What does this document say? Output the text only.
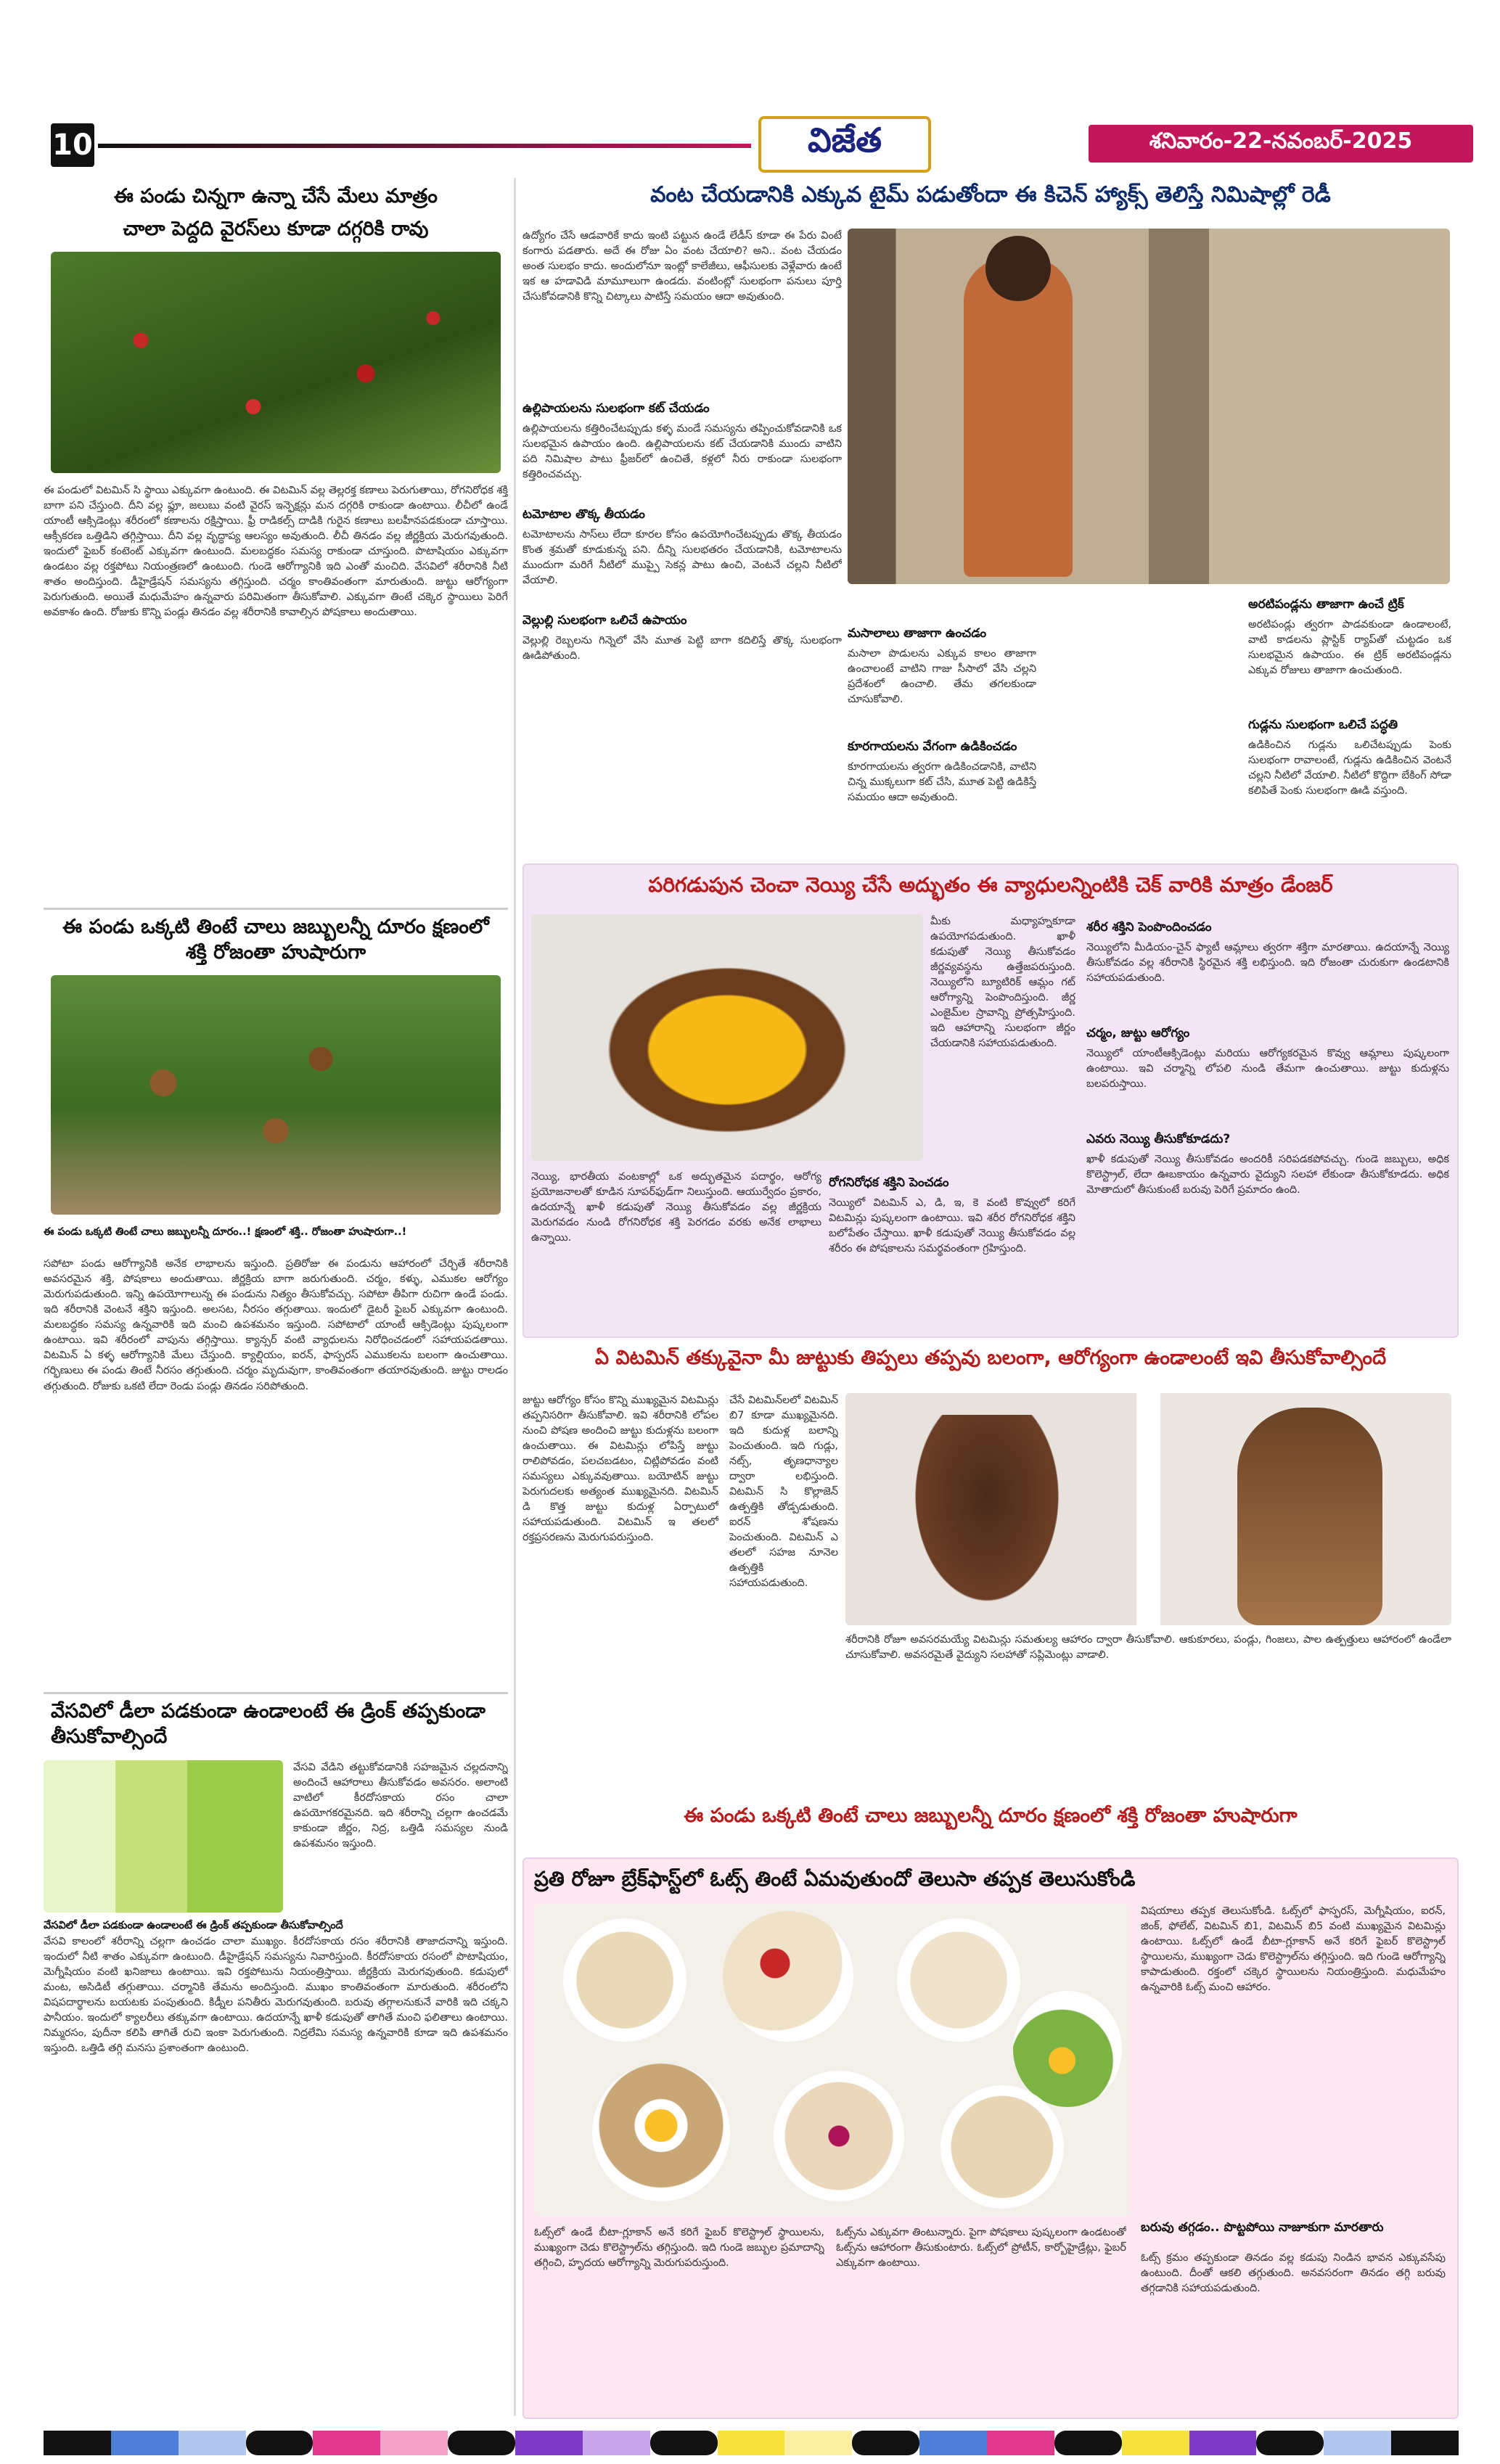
10	విజేత	శనివారం-22-నవంబర్-2025
ఈ పండు చిన్నగా ఉన్నా చేసే మేలు మాత్రం
చాలా పెద్దది వైరస్‌లు కూడా దగ్గరికి రావు
ఈ పండులో విటమిన్ సి స్థాయి ఎక్కువగా ఉంటుంది. ఈ విటమిన్ వల్ల తెల్లరక్త కణాలు పెరుగుతాయి, రోగనిరోధక శక్తి బాగా పని చేస్తుంది. దీని వల్ల ఫ్లూ, జలుబు వంటి వైరస్ ఇన్ఫెక్షన్లు మన దగ్గరికి రాకుండా ఉంటాయి. లీచీలో ఉండే యాంటీ ఆక్సిడెంట్లు శరీరంలో కణాలను రక్షిస్తాయి. ఫ్రీ రాడికల్స్ దాడికి గురైన కణాలు బలహీనపడకుండా చూస్తాయి. ఆక్సీకరణ ఒత్తిడిని తగ్గిస్తాయి. దీని వల్ల వృద్ధాప్య ఆలస్యం అవుతుంది. లీచీ తినడం వల్ల జీర్ణక్రియ మెరుగవుతుంది. ఇందులో ఫైబర్ కంటెంట్ ఎక్కువగా ఉంటుంది. మలబద్ధకం సమస్య రాకుండా చూస్తుంది. పొటాషియం ఎక్కువగా ఉండటం వల్ల రక్తపోటు నియంత్రణలో ఉంటుంది. గుండె ఆరోగ్యానికి ఇది ఎంతో మంచిది. వేసవిలో శరీరానికి నీటి శాతం అందిస్తుంది. డీహైడ్రేషన్ సమస్యను తగ్గిస్తుంది. చర్మం కాంతివంతంగా మారుతుంది. జుట్టు ఆరోగ్యంగా పెరుగుతుంది. అయితే మధుమేహం ఉన్నవారు పరిమితంగా తీసుకోవాలి. ఎక్కువగా తింటే చక్కెర స్థాయిలు పెరిగే అవకాశం ఉంది. రోజుకు కొన్ని పండ్లు తినడం వల్ల శరీరానికి కావాల్సిన పోషకాలు అందుతాయి.
ఈ పండు ఒక్కటి తింటే చాలు జబ్బులన్నీ దూరం క్షణంలో శక్తి రోజంతా హుషారుగా
ఈ పండు ఒక్కటి తింటే చాలు జబ్బులన్నీ దూరం..! క్షణంలో శక్తి.. రోజంతా హుషారుగా..!
సపోటా పండు ఆరోగ్యానికి అనేక లాభాలను ఇస్తుంది. ప్రతిరోజు ఈ పండును ఆహారంలో చేర్చితే శరీరానికి అవసరమైన శక్తి, పోషకాలు అందుతాయి. జీర్ణక్రియ బాగా జరుగుతుంది. చర్మం, కళ్ళు, ఎముకల ఆరోగ్యం మెరుగుపడుతుంది. ఇన్ని ఉపయోగాలున్న ఈ పండును నిత్యం తీసుకోవచ్చు. సపోటా తీపిగా రుచిగా ఉండే పండు. ఇది శరీరానికి వెంటనే శక్తిని ఇస్తుంది. అలసట, నీరసం తగ్గుతాయి. ఇందులో డైటరీ ఫైబర్ ఎక్కువగా ఉంటుంది. మలబద్ధకం సమస్య ఉన్నవారికి ఇది మంచి ఉపశమనం ఇస్తుంది. సపోటాలో యాంటీ ఆక్సిడెంట్లు పుష్కలంగా ఉంటాయి. ఇవి శరీరంలో వాపును తగ్గిస్తాయి. క్యాన్సర్ వంటి వ్యాధులను నిరోధించడంలో సహాయపడతాయి. విటమిన్ ఏ కళ్ళ ఆరోగ్యానికి మేలు చేస్తుంది. క్యాల్షియం, ఐరన్, ఫాస్పరస్ ఎముకలను బలంగా ఉంచుతాయి. గర్భిణులు ఈ పండు తింటే నీరసం తగ్గుతుంది. చర్మం మృదువుగా, కాంతివంతంగా తయారవుతుంది. జుట్టు రాలడం తగ్గుతుంది. రోజుకు ఒకటి లేదా రెండు పండ్లు తినడం సరిపోతుంది.
వేసవిలో డీలా పడకుండా ఉండాలంటే ఈ డ్రింక్ తప్పకుండా తీసుకోవాల్సిందే
వేసవి వేడిని తట్టుకోవడానికి సహజమైన చల్లదనాన్ని అందించే ఆహారాలు తీసుకోవడం అవసరం. అలాంటి వాటిలో కీరదోసకాయ రసం చాలా ఉపయోగకరమైనది. ఇది శరీరాన్ని చల్లగా ఉంచడమే కాకుండా జీర్ణం, నిద్ర, ఒత్తిడి సమస్యల నుండి ఉపశమనం ఇస్తుంది.
వేసవిలో డీలా పడకుండా ఉండాలంటే ఈ డ్రింక్ తప్పకుండా తీసుకోవాల్సిందే
వేసవి కాలంలో శరీరాన్ని చల్లగా ఉంచడం చాలా ముఖ్యం. కీరదోసకాయ రసం శరీరానికి తాజాదనాన్ని ఇస్తుంది. ఇందులో నీటి శాతం ఎక్కువగా ఉంటుంది. డీహైడ్రేషన్ సమస్యను నివారిస్తుంది. కీరదోసకాయ రసంలో పొటాషియం, మెగ్నీషియం వంటి ఖనిజాలు ఉంటాయి. ఇవి రక్తపోటును నియంత్రిస్తాయి. జీర్ణక్రియ మెరుగవుతుంది. కడుపులో మంట, అసిడిటీ తగ్గుతాయి. చర్మానికి తేమను అందిస్తుంది. ముఖం కాంతివంతంగా మారుతుంది. శరీరంలోని విషపదార్థాలను బయటకు పంపుతుంది. కిడ్నీల పనితీరు మెరుగవుతుంది. బరువు తగ్గాలనుకునే వారికి ఇది చక్కని పానీయం. ఇందులో క్యాలరీలు తక్కువగా ఉంటాయి. ఉదయాన్నే ఖాళీ కడుపుతో తాగితే మంచి ఫలితాలు ఉంటాయి. నిమ్మరసం, పుదీనా కలిపి తాగితే రుచి ఇంకా పెరుగుతుంది. నిద్రలేమి సమస్య ఉన్నవారికి కూడా ఇది ఉపశమనం ఇస్తుంది. ఒత్తిడి తగ్గి మనసు ప్రశాంతంగా ఉంటుంది.
వంట చేయడానికి ఎక్కువ టైమ్ పడుతోందా ఈ కిచెన్ హ్యాక్స్ తెలిస్తే నిమిషాల్లో రెడీ
ఉద్యోగం చేసే ఆడవారికే కాదు ఇంటి పట్టున ఉండే లేడీస్ కూడా ఈ పేరు వింటే కంగారు పడతారు. అదే ఈ రోజు ఏం వంట చేయాలి? అని.. వంట చేయడం అంత సులభం కాదు. అందులోనూ ఇంట్లో కాలేజీలు, ఆఫీసులకు వెళ్లేవారు ఉంటే ఇక ఆ హడావిడి మామూలుగా ఉండదు. వంటింట్లో సులభంగా పనులు పూర్తి చేసుకోవడానికి కొన్ని చిట్కాలు పాటిస్తే సమయం ఆదా అవుతుంది.
ఉల్లిపాయలను సులభంగా కట్ చేయడం
ఉల్లిపాయలను కత్తిరించేటప్పుడు కళ్ళ మండే సమస్యను తప్పించుకోవడానికి ఒక సులభమైన ఉపాయం ఉంది. ఉల్లిపాయలను కట్ చేయడానికి ముందు వాటిని పది నిమిషాల పాటు ఫ్రీజర్‌లో ఉంచితే, కళ్లలో నీరు రాకుండా సులభంగా కత్తిరించవచ్చు.
టమోటాల తొక్క తీయడం
టమోటాలను సాస్‌లు లేదా కూరల కోసం ఉపయోగించేటప్పుడు తొక్క తీయడం కొంత శ్రమతో కూడుకున్న పని. దీన్ని సులభతరం చేయడానికి, టమోటాలను ముందుగా మరిగే నీటిలో ముప్పై సెకన్ల పాటు ఉంచి, వెంటనే చల్లని నీటిలో వేయాలి.
వెల్లుల్లి సులభంగా ఒలిచే ఉపాయం
వెల్లుల్లి రెబ్బలను గిన్నెలో వేసి మూత పెట్టి బాగా కదిలిస్తే తొక్క సులభంగా ఊడిపోతుంది.
మసాలాలు తాజాగా ఉంచడం
మసాలా పొడులను ఎక్కువ కాలం తాజాగా ఉంచాలంటే వాటిని గాజు సీసాలో వేసి చల్లని ప్రదేశంలో ఉంచాలి. తేమ తగలకుండా చూసుకోవాలి.
కూరగాయలను వేగంగా ఉడికించడం
కూరగాయలను త్వరగా ఉడికించడానికి, వాటిని చిన్న ముక్కలుగా కట్ చేసి, మూత పెట్టి ఉడికిస్తే సమయం ఆదా అవుతుంది.
అరటిపండ్లను తాజాగా ఉంచే ట్రిక్
అరటిపండ్లు త్వరగా పాడవకుండా ఉండాలంటే, వాటి కాడలను ప్లాస్టిక్ ర్యాప్‌తో చుట్టడం ఒక సులభమైన ఉపాయం. ఈ ట్రిక్ అరటిపండ్లను ఎక్కువ రోజులు తాజాగా ఉంచుతుంది.
గుడ్లను సులభంగా ఒలిచే పద్ధతి
ఉడికించిన గుడ్లను ఒలిచేటప్పుడు పెంకు సులభంగా రావాలంటే, గుడ్లను ఉడికించిన వెంటనే చల్లని నీటిలో వేయాలి. నీటిలో కొద్దిగా బేకింగ్ సోడా కలిపితే పెంకు సులభంగా ఊడి వస్తుంది.
పరిగడుపున చెంచా నెయ్యి చేసే అద్భుతం ఈ వ్యాధులన్నింటికి చెక్ వారికి మాత్రం డేంజర్
మీకు మధ్యాహ్నకూడా ఉపయోగపడుతుంది. ఖాళీ కడుపుతో నెయ్యి తీసుకోవడం జీర్ణవ్యవస్థను ఉత్తేజపరుస్తుంది. నెయ్యిలోని బ్యూటిరిక్ ఆమ్లం గట్ ఆరోగ్యాన్ని పెంపొందిస్తుంది. జీర్ణ ఎంజైమ్‌ల స్రావాన్ని ప్రోత్సహిస్తుంది. ఇది ఆహారాన్ని సులభంగా జీర్ణం చేయడానికి సహాయపడుతుంది.
నెయ్యి, భారతీయ వంటకాల్లో ఒక అద్భుతమైన పదార్థం, ఆరోగ్య ప్రయోజనాలతో కూడిన సూపర్‌ఫుడ్‌గా నిలుస్తుంది. ఆయుర్వేదం ప్రకారం, ఉదయాన్నే ఖాళీ కడుపుతో నెయ్యి తీసుకోవడం వల్ల జీర్ణక్రియ మెరుగవడం నుండి రోగనిరోధక శక్తి పెరగడం వరకు అనేక లాభాలు ఉన్నాయి.
రోగనిరోధక శక్తిని పెంచడం
నెయ్యిలో విటమిన్ ఎ, డి, ఇ, కె వంటి కొవ్వులో కరిగే విటమిన్లు పుష్కలంగా ఉంటాయి. ఇవి శరీర రోగనిరోధక శక్తిని బలోపేతం చేస్తాయి. ఖాళీ కడుపుతో నెయ్యి తీసుకోవడం వల్ల శరీరం ఈ పోషకాలను సమర్థవంతంగా గ్రహిస్తుంది.
శరీర శక్తిని పెంపొందించడం
నెయ్యిలోని మీడియం-చైన్ ఫ్యాటీ ఆమ్లాలు త్వరగా శక్తిగా మారతాయి. ఉదయాన్నే నెయ్యి తీసుకోవడం వల్ల శరీరానికి స్థిరమైన శక్తి లభిస్తుంది. ఇది రోజంతా చురుకుగా ఉండటానికి సహాయపడుతుంది.
చర్మం, జుట్టు ఆరోగ్యం
నెయ్యిలో యాంటీఆక్సిడెంట్లు మరియు ఆరోగ్యకరమైన కొవ్వు ఆమ్లాలు పుష్కలంగా ఉంటాయి. ఇవి చర్మాన్ని లోపలి నుండి తేమగా ఉంచుతాయి. జుట్టు కుదుళ్లను బలపరుస్తాయి.
ఎవరు నెయ్యి తీసుకోకూడదు?
ఖాళీ కడుపుతో నెయ్యి తీసుకోవడం అందరికీ సరిపడకపోవచ్చు. గుండె జబ్బులు, అధిక కొలెస్ట్రాల్, లేదా ఊబకాయం ఉన్నవారు వైద్యుని సలహా లేకుండా తీసుకోకూడదు. అధిక మోతాదులో తీసుకుంటే బరువు పెరిగే ప్రమాదం ఉంది.
ఏ విటమిన్ తక్కువైనా మీ జుట్టుకు తిప్పలు తప్పవు బలంగా, ఆరోగ్యంగా ఉండాలంటే ఇవి తీసుకోవాల్సిందే
జుట్టు ఆరోగ్యం కోసం కొన్ని ముఖ్యమైన విటమిన్లు తప్పనిసరిగా తీసుకోవాలి. ఇవి శరీరానికి లోపల నుంచి పోషణ అందించి జుట్టు కుదుళ్లను బలంగా ఉంచుతాయి. ఈ విటమిన్లు లోపిస్తే జుట్టు రాలిపోవడం, పలచబడటం, చిట్లిపోవడం వంటి సమస్యలు ఎక్కువవుతాయి. బయోటిన్ జుట్టు పెరుగుదలకు అత్యంత ముఖ్యమైనది. విటమిన్ డి కొత్త జుట్టు కుదుళ్ల ఏర్పాటులో సహాయపడుతుంది. విటమిన్ ఇ తలలో రక్తప్రసరణను మెరుగుపరుస్తుంది.
చేసే విటమిన్‌లలో విటమిన్ బి7 కూడా ముఖ్యమైనది. ఇది కుదుళ్ల బలాన్ని పెంచుతుంది. ఇది గుడ్లు, నట్స్, తృణధాన్యాల ద్వారా లభిస్తుంది. విటమిన్ సి కొల్లాజెన్ ఉత్పత్తికి తోడ్పడుతుంది. ఐరన్ శోషణను పెంచుతుంది. విటమిన్ ఎ తలలో సహజ నూనెల ఉత్పత్తికి సహాయపడుతుంది.
శరీరానికి రోజూ అవసరమయ్యే విటమిన్లు సమతుల్య ఆహారం ద్వారా తీసుకోవాలి. ఆకుకూరలు, పండ్లు, గింజలు, పాల ఉత్పత్తులు ఆహారంలో ఉండేలా చూసుకోవాలి. అవసరమైతే వైద్యుని సలహాతో సప్లిమెంట్లు వాడాలి.
ఈ పండు ఒక్కటి తింటే చాలు జబ్బులన్నీ దూరం క్షణంలో శక్తి రోజంతా హుషారుగా
ప్రతి రోజూ బ్రేక్‌ఫాస్ట్‌లో ఓట్స్ తింటే ఏమవుతుందో తెలుసా తప్పక తెలుసుకోండి
విషయాలు తప్పక తెలుసుకోండి. ఓట్స్‌లో ఫాస్ఫరస్, మెగ్నీషియం, ఐరన్, జింక్, ఫోలేట్, విటమిన్ బి1, విటమిన్ బి5 వంటి ముఖ్యమైన విటమిన్లు ఉంటాయి. ఓట్స్‌లో ఉండే బీటా-గ్లూకాన్ అనే కరిగే ఫైబర్ కొలెస్ట్రాల్ స్థాయిలను, ముఖ్యంగా చెడు కొలెస్ట్రాల్‌ను తగ్గిస్తుంది. ఇది గుండె ఆరోగ్యాన్ని కాపాడుతుంది. రక్తంలో చక్కెర స్థాయిలను నియంత్రిస్తుంది. మధుమేహం ఉన్నవారికి ఓట్స్ మంచి ఆహారం.
బరువు తగ్గడం.. పొట్టపోయి నాజూకుగా మారతారు
ఓట్స్‌లో ఉండే బీటా-గ్లూకాన్ అనే కరిగే ఫైబర్ కొలెస్ట్రాల్ స్థాయిలను, ముఖ్యంగా చెడు కొలెస్ట్రాల్‌ను తగ్గిస్తుంది. ఇది గుండె జబ్బుల ప్రమాదాన్ని తగ్గించి, హృదయ ఆరోగ్యాన్ని మెరుగుపరుస్తుంది.
ఓట్స్‌ను ఎక్కువగా తింటున్నారు. పైగా పోషకాలు పుష్కలంగా ఉండటంతో ఓట్స్‌ను ఆహారంగా తీసుకుంటారు. ఓట్స్‌లో ప్రోటీన్, కార్బోహైడ్రేట్లు, ఫైబర్ ఎక్కువగా ఉంటాయి.	ఓట్స్ క్రమం తప్పకుండా తినడం వల్ల కడుపు నిండిన భావన ఎక్కువసేపు ఉంటుంది. దీంతో ఆకలి తగ్గుతుంది. అనవసరంగా తినడం తగ్గి బరువు తగ్గడానికి సహాయపడుతుంది.
